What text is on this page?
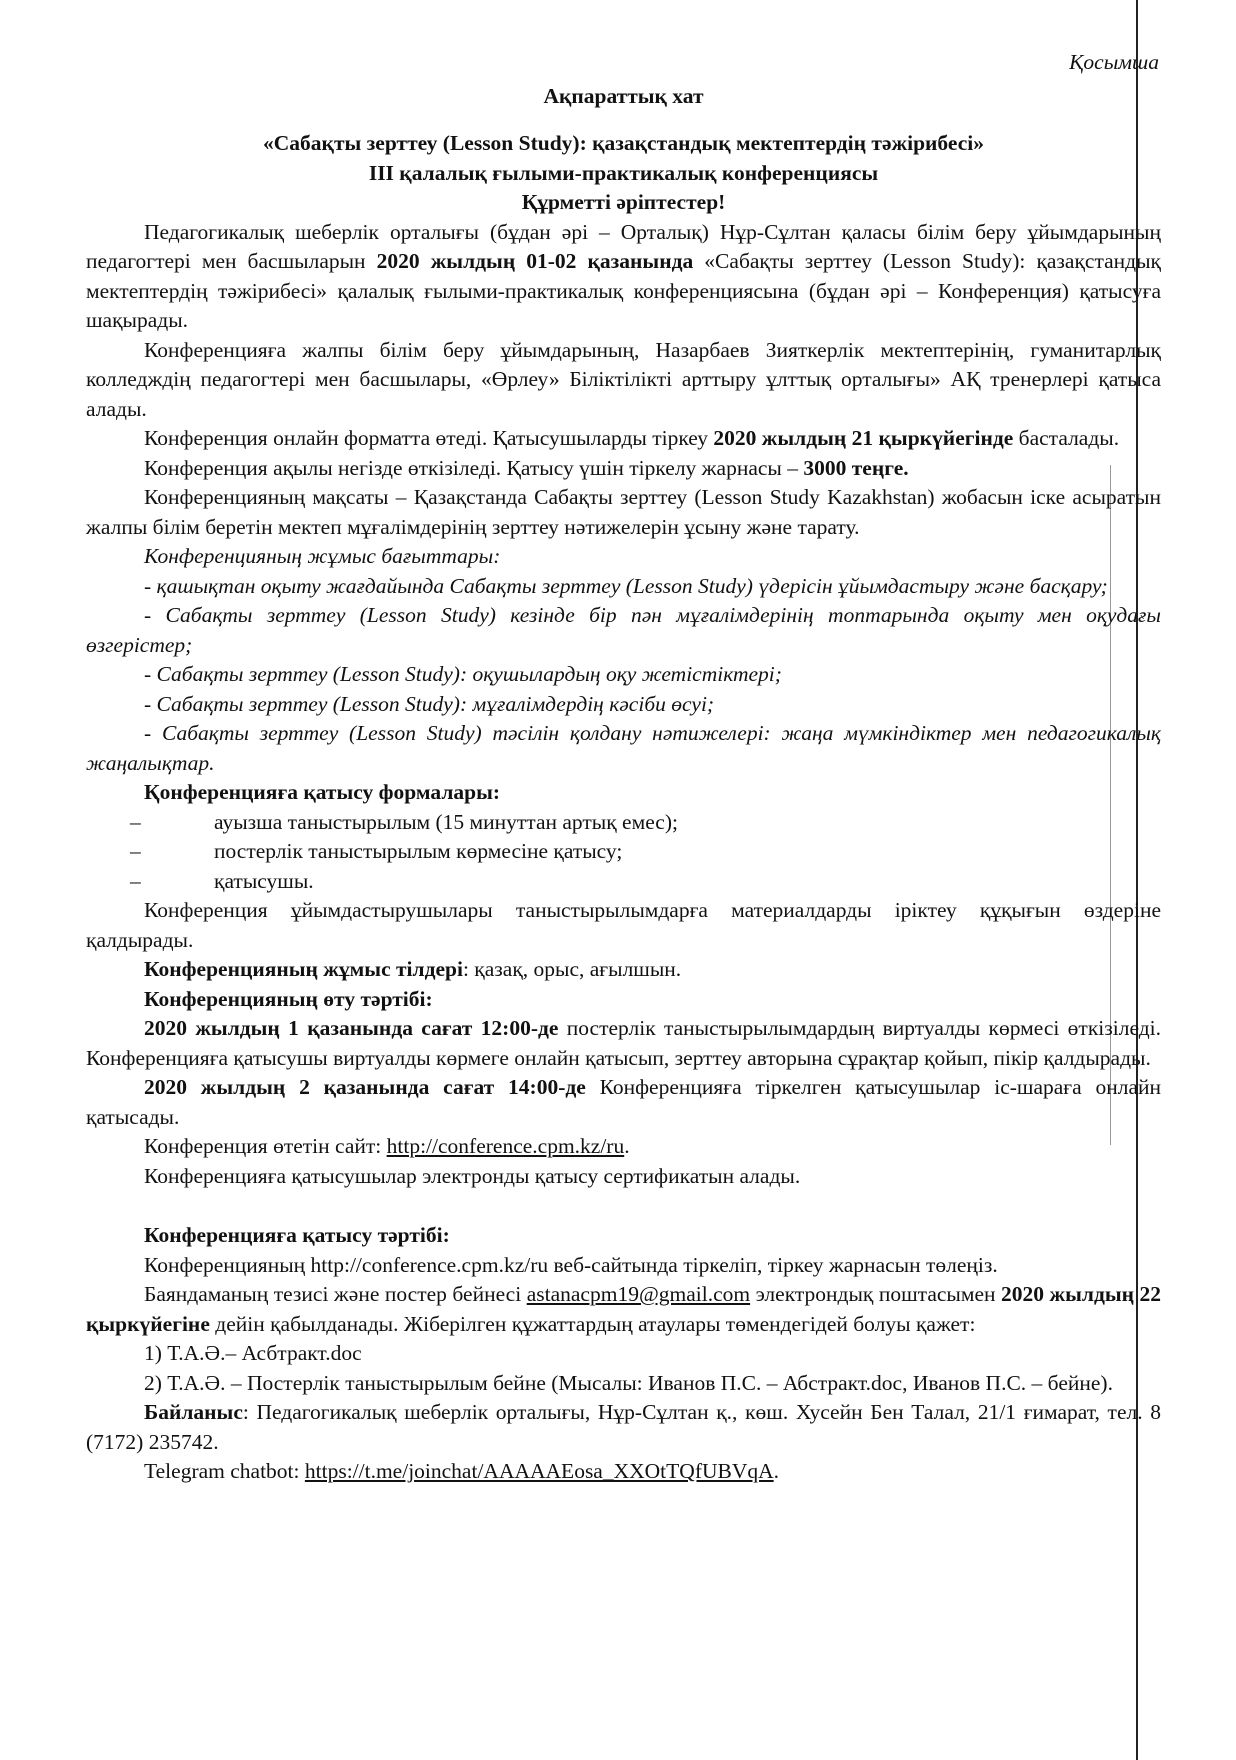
Қосымша
Ақпараттық хат
«Сабақты зерттеу (Lesson Study): қазақстандық мектептердің тәжірибесі»
III қалалық ғылыми-практикалық конференциясы
Құрметті әріптестер!

Педагогикалық шеберлік орталығы (бұдан әрі – Орталық) Нұр-Сұлтан қаласы білім беру ұйымдарының педагогтері мен басшыларын 2020 жылдың 01-02 қазанында «Сабақты зерттеу (Lesson Study): қазақстандық мектептердің тәжірибесі» қалалық ғылыми-практикалық конференциясына (бұдан әрі – Конференция) қатысуға шақырады.

Конференцияға жалпы білім беру ұйымдарының, Назарбаев Зияткерлік мектептерінің, гуманитарлық колледждің педагогтері мен басшылары, «Өрлеу» Біліктілікті арттыру ұлттық орталығы» АҚ тренерлері қатыса алады.

Конференция онлайн форматта өтеді. Қатысушыларды тіркеу 2020 жылдың 21 қыркүйегінде басталады.

Конференция ақылы негізде өткізіледі. Қатысу үшін тіркелу жарнасы – 3000 теңге.

Конференцияның мақсаты – Қазақстанда Сабақты зерттеу (Lesson Study Kazakhstan) жобасын іске асыратын жалпы білім беретін мектеп мұғалімдерінің зерттеу нәтижелерін ұсыну және тарату.

Конференцияның жұмыс бағыттары:

- қашықтан оқыту жағдайында Сабақты зерттеу (Lesson Study) үдерісін ұйымдастыру және басқару;

- Сабақты зерттеу (Lesson Study) кезінде бір пән мұғалімдерінің топтарында оқыту мен оқудағы өзгерістер;

- Сабақты зерттеу (Lesson Study): оқушылардың оқу жетістіктері;

- Сабақты зерттеу (Lesson Study): мұғалімдердің кәсіби өсуі;

- Сабақты зерттеу (Lesson Study) тәсілін қолдану нәтижелері: жаңа мүмкіндіктер мен педагогикалық жаңалықтар.

Қонференцияға қатысу формалары:

–	ауызша таныстырылым (15 минуттан артық емес);
–	постерлік таныстырылым көрмесіне қатысу;
–	қатысушы.

Конференция ұйымдастырушылары таныстырылымдарға материалдарды іріктеу құқығын өздеріне қалдырады.

Конференцияның жұмыс тілдері: қазақ, орыс, ағылшын.

Конференцияның өту тәртібі:

2020 жылдың 1 қазанында сағат 12:00-де постерлік таныстырылымдардың виртуалды көрмесі өткізіледі. Конференцияға қатысушы виртуалды көрмеге онлайн қатысып, зерттеу авторына сұрақтар қойып, пікір қалдырады.

2020 жылдың 2 қазанында сағат 14:00-де Конференцияға тіркелген қатысушылар іс-шараға онлайн қатысады.

Конференция өтетін сайт: http://conference.cpm.kz/ru.

Конференцияға қатысушылар электронды қатысу сертификатын алады.

Конференцияға қатысу тәртібі:

Конференцияның http://conference.cpm.kz/ru веб-сайтында тіркеліп, тіркеу жарнасын төлеңіз.

Баяндаманың тезисі және постер бейнесі astanacpm19@gmail.com электрондық поштасымен 2020 жылдың 22 қыркүйегіне дейін қабылданады. Жіберілген құжаттардың атаулары төмендегідей болуы қажет:

1) Т.А.Ә.– Асбтракт.doc

2) Т.А.Ә. – Постерлік таныстырылым бейне (Мысалы: Иванов П.С. – Абстракт.doc, Иванов П.С. – бейне).

Байланыс: Педагогикалық шеберлік орталығы, Нұр-Сұлтан қ., көш. Хусейн Бен Талал, 21/1 ғимарат, тел. 8 (7172) 235742.

Telegram chatbot: https://t.me/joinchat/AAAAAEosa_XXOtTQfUBVqA.
